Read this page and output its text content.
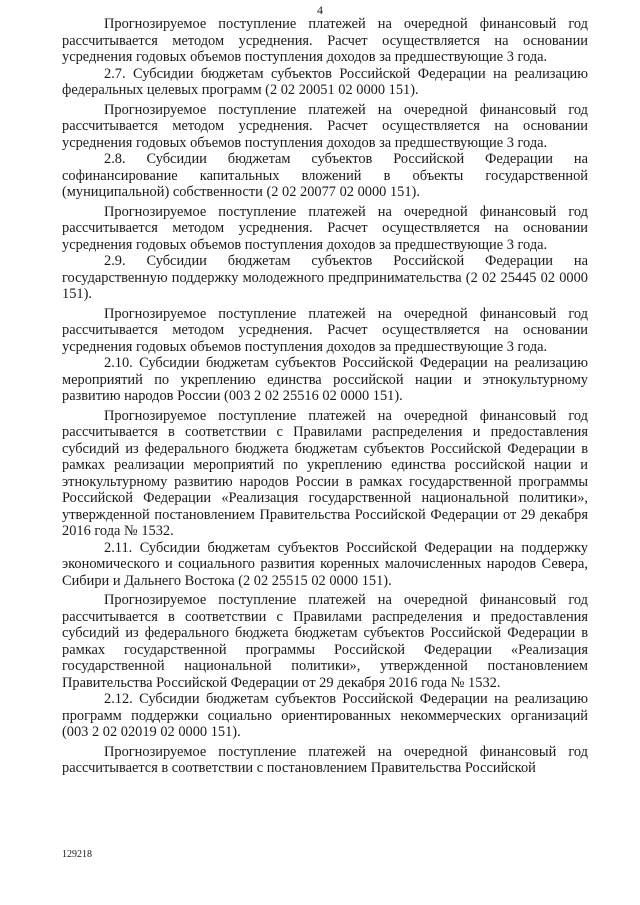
4

Прогнозируемое поступление платежей на очередной финансовый год рассчитывается методом усреднения. Расчет осуществляется на основании усреднения годовых объемов поступления доходов за предшествующие 3 года.

2.7. Субсидии бюджетам субъектов Российской Федерации на реализацию федеральных целевых программ (2 02 20051 02 0000 151).

Прогнозируемое поступление платежей на очередной финансовый год рассчитывается методом усреднения. Расчет осуществляется на основании усреднения годовых объемов поступления доходов за предшествующие 3 года.

2.8. Субсидии бюджетам субъектов Российской Федерации на софинансирование капитальных вложений в объекты государственной (муниципальной) собственности (2 02 20077 02 0000 151).

Прогнозируемое поступление платежей на очередной финансовый год рассчитывается методом усреднения. Расчет осуществляется на основании усреднения годовых объемов поступления доходов за предшествующие 3 года.

2.9. Субсидии бюджетам субъектов Российской Федерации на государственную поддержку молодежного предпринимательства (2 02 25445 02 0000 151).

Прогнозируемое поступление платежей на очередной финансовый год рассчитывается методом усреднения. Расчет осуществляется на основании усреднения годовых объемов поступления доходов за предшествующие 3 года.

2.10. Субсидии бюджетам субъектов Российской Федерации на реализацию мероприятий по укреплению единства российской нации и этнокультурному развитию народов России (003 2 02 25516 02 0000 151).

Прогнозируемое поступление платежей на очередной финансовый год рассчитывается в соответствии с Правилами распределения и предоставления субсидий из федерального бюджета бюджетам субъектов Российской Федерации в рамках реализации мероприятий по укреплению единства российской нации и этнокультурному развитию народов России в рамках государственной программы Российской Федерации «Реализация государственной национальной политики», утвержденной постановлением Правительства Российской Федерации от 29 декабря 2016 года № 1532.

2.11. Субсидии бюджетам субъектов Российской Федерации на поддержку экономического и социального развития коренных малочисленных народов Севера, Сибири и Дальнего Востока (2 02 25515 02 0000 151).

Прогнозируемое поступление платежей на очередной финансовый год рассчитывается в соответствии с Правилами распределения и предоставления субсидий из федерального бюджета бюджетам субъектов Российской Федерации в рамках государственной программы Российской Федерации «Реализация государственной национальной политики», утвержденной постановлением Правительства Российской Федерации от 29 декабря 2016 года № 1532.

2.12. Субсидии бюджетам субъектов Российской Федерации на реализацию программ поддержки социально ориентированных некоммерческих организаций (003 2 02 02019 02 0000 151).

Прогнозируемое поступление платежей на очередной финансовый год рассчитывается в соответствии с постановлением Правительства Российской

129218
